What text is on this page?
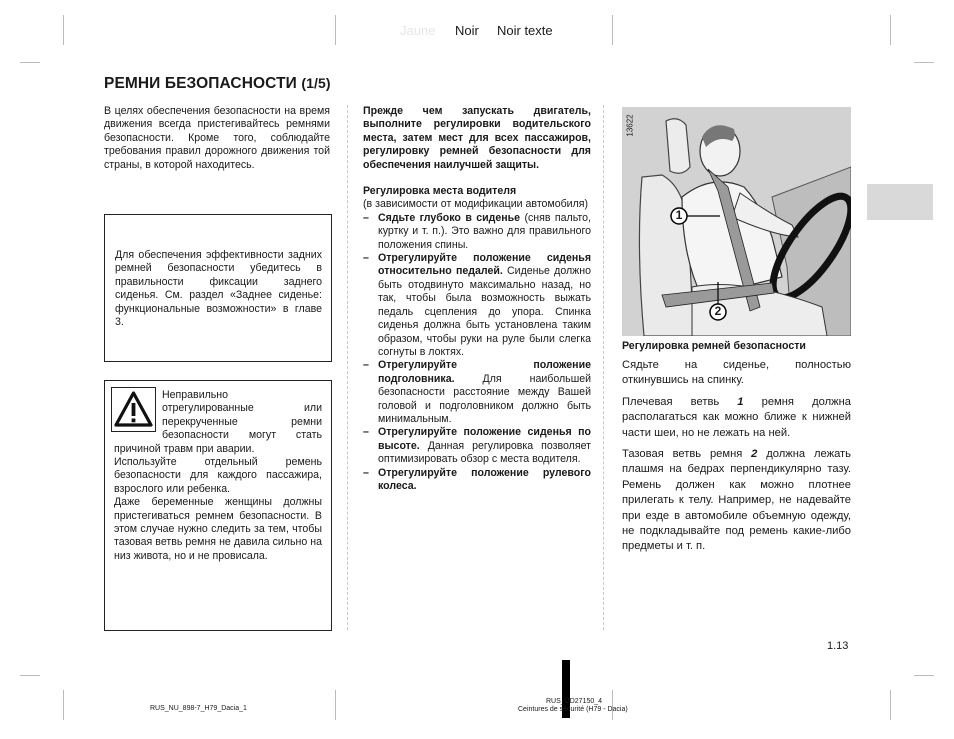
Jaune Noir Noir texte
РЕМНИ БЕЗОПАСНОСТИ (1/5)
В целях обеспечения безопасности на время движения всегда пристегивайтесь ремнями безопасности. Кроме того, соблюдайте требования правил дорожного движения той страны, в которой находитесь.
Для обеспечения эффективности задних ремней безопасности убедитесь в правильности фиксации заднего сиденья. См. раздел «Заднее сиденье: функциональные возможности» в главе 3.
Неправильно отрегулированные или перекрученные ремни безопасности могут стать причиной травм при аварии.
Используйте отдельный ремень безопасности для каждого пассажира, взрослого или ребенка.
Даже беременные женщины должны пристегиваться ремнем безопасности. В этом случае нужно следить за тем, чтобы тазовая ветвь ремня не давила сильно на низ живота, но и не провисала.
Прежде чем запускать двигатель, выполните регулировки водительского места, затем мест для всех пассажиров, регулировку ремней безопасности для обеспечения наилучшей защиты.
Регулировка места водителя
(в зависимости от модификации автомобиля)
– Сядьте глубоко в сиденье (сняв пальто, куртку и т. п.). Это важно для правильного положения спины.
– Отрегулируйте положение сиденья относительно педалей. Сиденье должно быть отодвинуто максимально назад, но так, чтобы была возможность выжать педаль сцепления до упора. Спинка сиденья должна быть установлена таким образом, чтобы руки на руле были слегка согнуты в локтях.
– Отрегулируйте положение подголовника. Для наибольшей безопасности расстояние между Вашей головой и подголовником должно быть минимальным.
– Отрегулируйте положение сиденья по высоте. Данная регулировка позволяет оптимизировать обзор с места водителя.
– Отрегулируйте положение рулевого колеса.
1
2
13622
Регулировка ремней безопасности
Сядьте на сиденье, полностью откинувшись на спинку.
Плечевая ветвь 1 ремня должна располагаться как можно ближе к нижней части шеи, но не лежать на ней.
Тазовая ветвь ремня 2 должна лежать плашмя на бедрах перпендикулярно тазу. Ремень должен как можно плотнее прилегать к телу. Например, не надевайте при езде в автомобиле объемную одежду, не подкладывайте под ремень какие-либо предметы и т. п.
1.13
RUS_NU_898-7_H79_Dacia_1
RUS_UD27150_4
Ceintures de sécurité (H79 - Dacia)
